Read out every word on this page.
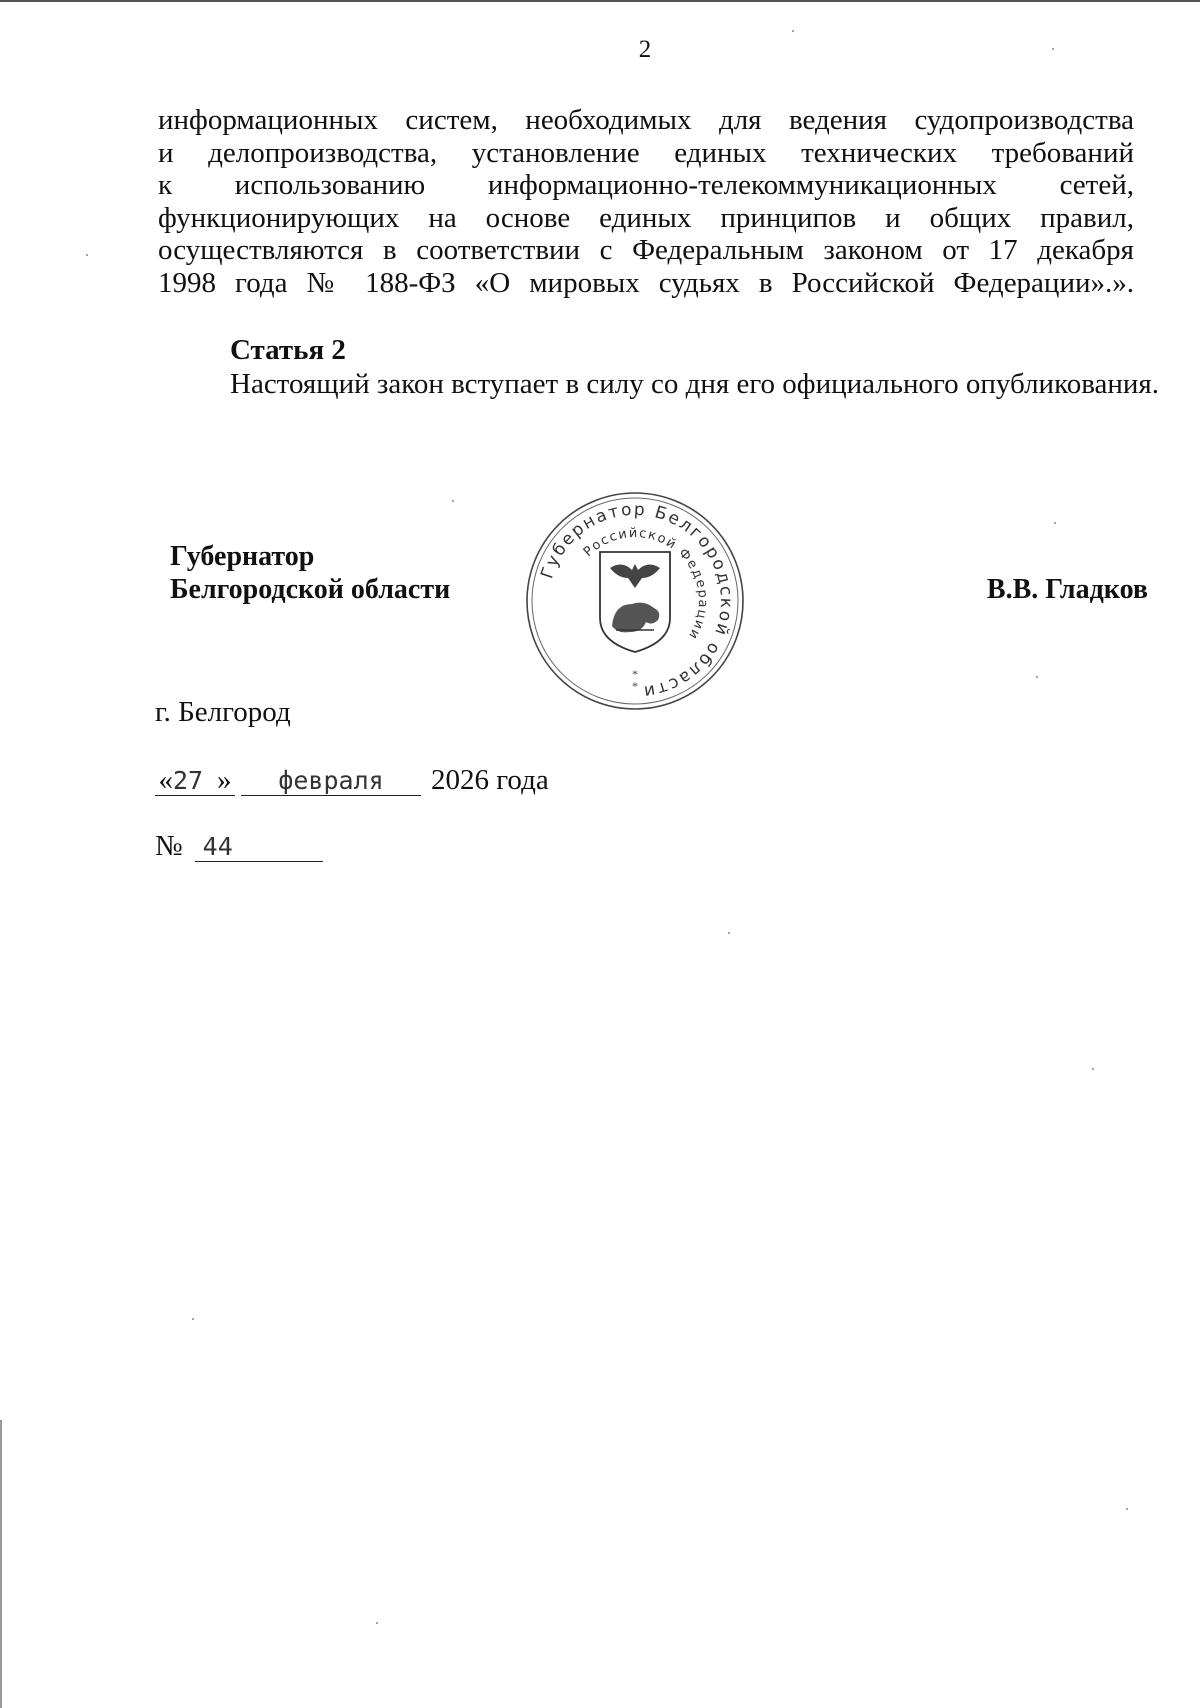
2
информационных систем, необходимых для ведения судопроизводства
и делопроизводства, установление единых технических требований
к использованию информационно-телекоммуникационных сетей,
функционирующих на основе единых принципов и общих правил,
осуществляются в соответствии с Федеральным законом от 17 декабря
1998 года № 188-ФЗ «О мировых судьях в Российской Федерации».».
Статья 2
Настоящий закон вступает в силу со дня его официального опубликования.
Губернатор
Белгородской области
Губернатор Белгородской области
Российской Федерации
*
*
В.В. Гладков
г. Белгород
«27 » февраля 2026 года
№ 44
